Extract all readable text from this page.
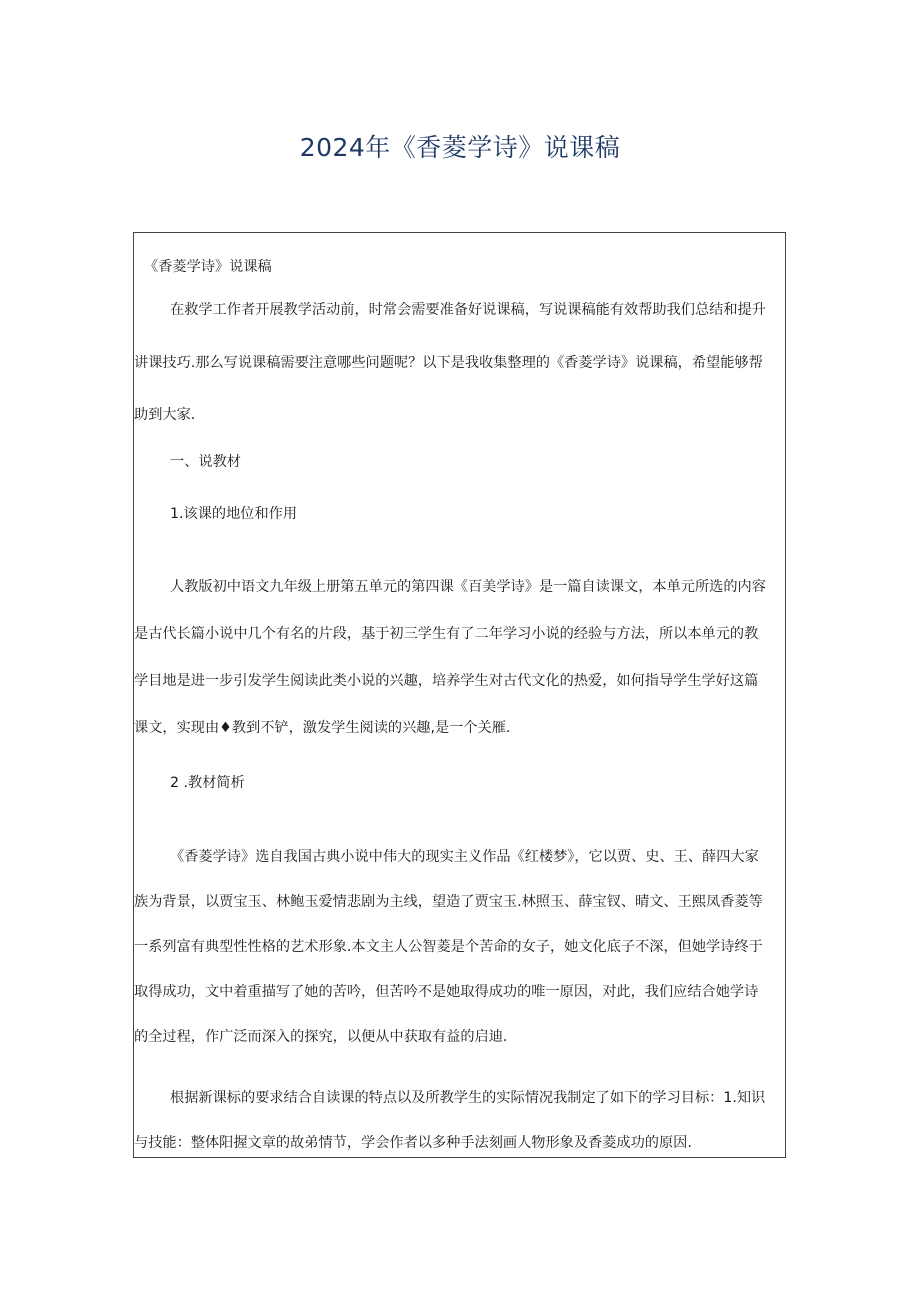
2024年《香菱学诗》说课稿
《香菱学诗》说课稿
在救学工作者开展教学活动前，时常会需要准备好说课稿，写说课稿能有效帮助我们总结和提升
讲课技巧.那么写说课稿需要注意哪些问题呢？以下是我收集整理的《香菱学诗》说课稿，希望能够帮
助到大家.
一、说教材
1.该课的地位和作用
人教版初中语文九年级上册第五单元的第四课《百美学诗》是一篇自读课文，本单元所选的内容
是古代长篇小说中几个有名的片段，基于初三学生有了二年学习小说的经验与方法，所以本单元的教
学目地是进一步引发学生阅读此类小说的兴趣，培养学生对古代文化的热爱，如何指导学生学好这篇
课文，实现由♦教到不铲，激发学生阅读的兴趣,是一个关雁.
2 .教材简析
《香菱学诗》选自我国古典小说中伟大的现实主义作品《红楼梦》，它以贾、史、王、薛四大家
族为背景，以贾宝玉、林鲍玉爱情悲剧为主线，望造了贾宝玉.林照玉、薛宝钗、晴文、王熙凤香菱等
一系列富有典型性性格的艺术形象.本文主人公智菱是个苦命的女子，她文化底子不深，但她学诗终于
取得成功，文中着重描写了她的苦吟，但苦吟不是她取得成功的唯一原因，对此，我们应结合她学诗
的全过程，作广泛而深入的探究，以便从中获取有益的启迪.
根据新课标的要求结合自读课的特点以及所教学生的实际情况我制定了如下的学习目标：1.知识
与技能：整体阳握文章的故弟情节，学会作者以多种手法刻画人物形象及香菱成功的原因.
